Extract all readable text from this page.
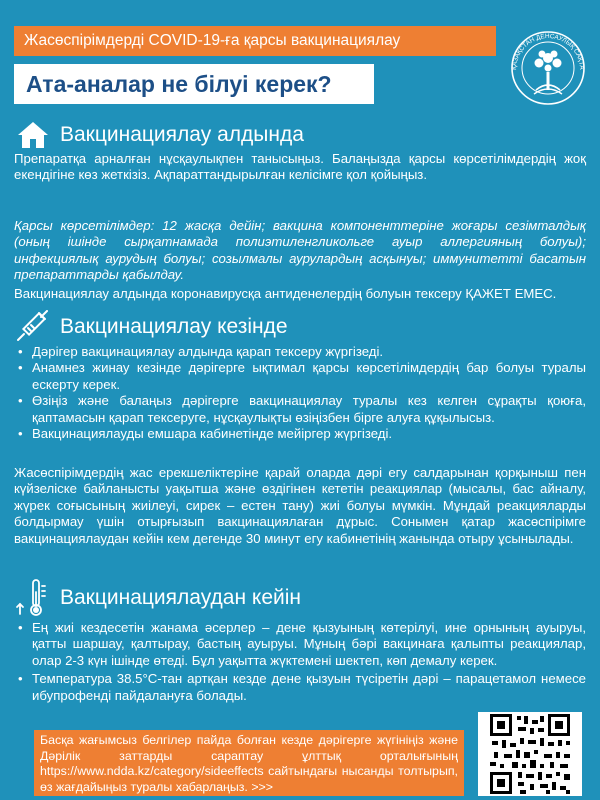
Жасөспірімдерді COVID-19-ға қарсы вакцинациялау
Ата-аналар не білуі керек?
ҚАЗАҚСТАН ДЕНСАУЛЫҚ САҚТА
Вакцинациялау алдында
Препаратқа арналған нұсқаулықпен танысыңыз. Балаңызда қарсы көрсетілімдердің жоқ екендігіне көз жеткізіз. Ақпараттандырылған келісімге қол қойыңыз.
Қарсы көрсетілімдер: 12 жасқа дейін; вакцина компоненттеріне жоғары сезімталдық (оның ішінде сырқатнамада полиэтиленгликольге ауыр аллергияның болуы); инфекциялық аурудың болуы; созылмалы аурулардың асқынуы; иммунитетті басатын препараттарды қабылдау.
Вакцинациялау алдында коронавирусқа антиденелердің болуын тексеру ҚАЖЕТ ЕМЕС.
Вакцинациялау кезінде
• Дәрігер вакцинациялау алдында қарап тексеру жүргізеді.
• Анамнез жинау кезінде дәрігерге ықтимал қарсы көрсетілімдердің бар болуы туралы ескерту керек.
• Өзіңіз және балаңыз дәрігерге вакцинациялау туралы кез келген сұрақты қоюға, қаптамасын қарап тексеруге, нұсқаулықты өзіңізбен бірге алуға құқылысыз.
• Вакцинациялауды емшара кабинетінде мейіргер жүргізеді.
Жасөспірімдердің жас ерекшеліктеріне қарай оларда дәрі егу салдарынан қорқыныш пен күйзеліске байланысты уақытша және өздігінен кететін реакциялар (мысалы, бас айналу, жүрек соғысының жиілеуі, сирек – естен тану) жиі болуы мүмкін. Мұндай реакцияларды болдырмау үшін отырғызып вакцинациялаған дұрыс. Сонымен қатар жасөспірімге вакцинациялаудан кейін кем дегенде 30 минут егу кабинетінің жанында отыру ұсынылады.
Вакцинациялаудан кейін
• Ең жиі кездесетін жанама әсерлер – дене қызуының көтерілуі, ине орнының ауыруы, қатты шаршау, қалтырау, бастың ауыруы. Мұның бәрі вакцинаға қалыпты реакциялар, олар 2-3 күн ішінде өтеді. Бұл уақытта жүктемені шектеп, көп демалу керек.
• Температура 38.5°С-тан артқан кезде дене қызуын түсіретін дәрі – парацетамол немесе ибупрофенді пайдалануға болады.
Басқа жағымсыз белгілер пайда болған кезде дәрігерге жүгініңіз және Дәрілік заттарды сараптау ұлттық орталығының https://www.ndda.kz/category/sideeffects сайтындағы нысанды толтырып, өз жағдайыңыз туралы хабарлаңыз. >>>
